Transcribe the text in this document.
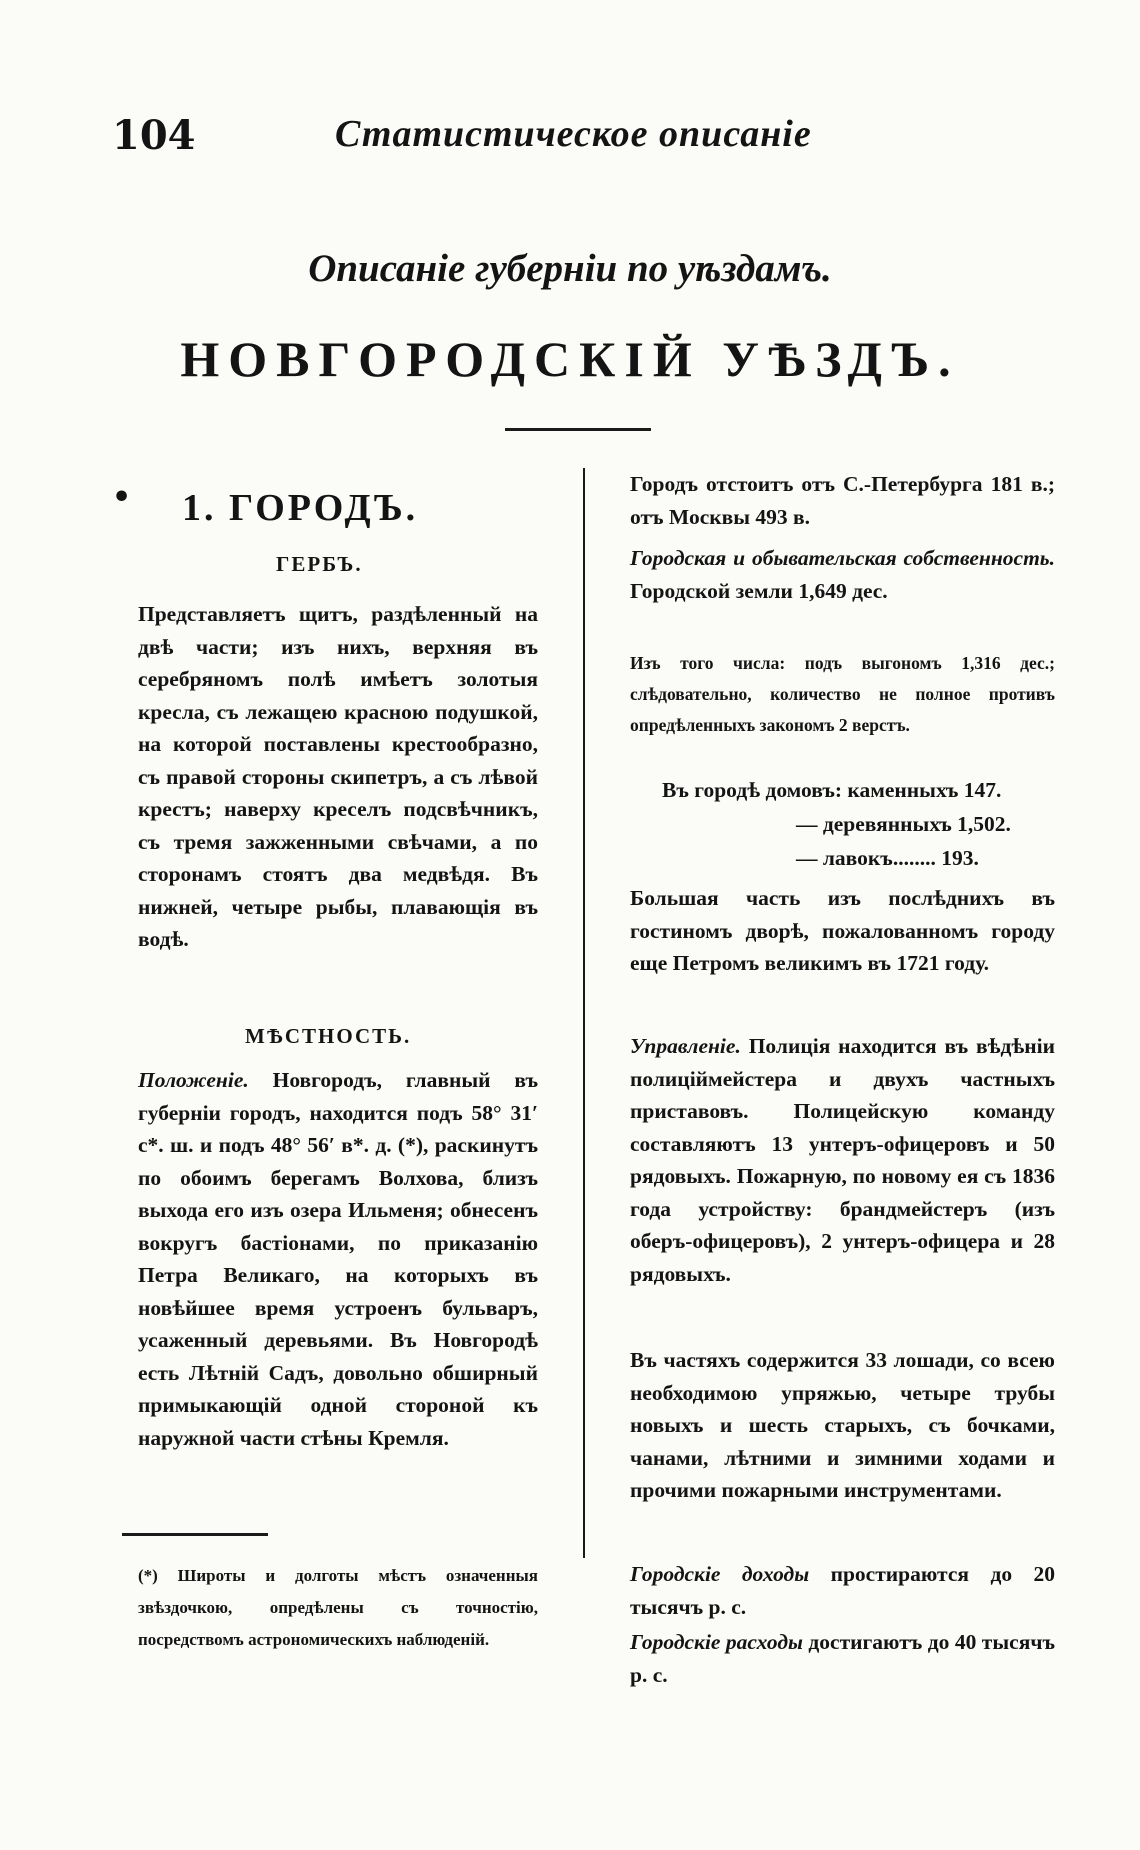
104	Статистическое описаніе
Описаніе губерніи по уѣздамъ.
НОВГОРОДСКІЙ УѢЗДЪ.
• 1. ГОРОДЪ.
ГЕРБЪ.
Представляетъ щитъ, раздѣленный на двѣ части; изъ нихъ, верхняя въ серебряномъ полѣ имѣетъ золотыя кресла, съ лежащею красною подушкой, на которой поставлены крестообразно, съ правой стороны скипетръ, а съ лѣвой крестъ; наверху креселъ подсвѣчникъ, съ тремя зажженными свѣчами, а по сторонамъ стоятъ два медвѣдя. Въ нижней, четыре рыбы, плавающія въ водѣ.
МѢСТНОСТЬ.
Положеніе. Новгородъ, главный въ губерніи городъ, находится подъ 58° 31′ с*. ш. и подъ 48° 56′ в*. д. (*), раскинутъ по обоимъ берегамъ Волхова, близъ выхода его изъ озера Ильменя; обнесенъ вокругъ бастіонами, по приказанію Петра Великаго, на которыхъ въ новѣйшее время устроенъ бульваръ, усаженный деревьями. Въ Новгородѣ есть Лѣтній Садъ, довольно обширный примыкающій одной стороной къ наружной части стѣны Кремля.
(*) Широты и долготы мѣстъ означенныя звѣздочкою, опредѣлены съ точностію, посредствомъ астрономическихъ наблюденій.
Городъ отстоитъ отъ С.-Петербурга 181 в.; отъ Москвы 493 в.
Городская и обывательская собственность. Городской земли 1,649 дес.
Изъ того числа: подъ выгономъ 1,316 дес.; слѣдовательно, количество не полное противъ опредѣленныхъ закономъ 2 верстъ.
Въ городѣ домовъ: каменныхъ 147.
— деревянныхъ 1,502.
— лавокъ........ 193.
Большая часть изъ послѣднихъ въ гостиномъ дворѣ, пожалованномъ городу еще Петромъ великимъ въ 1721 году.
Управленіе. Полиція находится въ вѣдѣніи полиціймейстера и двухъ частныхъ приставовъ. Полицейскую команду составляютъ 13 унтеръ-офицеровъ и 50 рядовыхъ. Пожарную, по новому ея съ 1836 года устройству: брандмейстеръ (изъ оберъ-офицеровъ), 2 унтеръ-офицера и 28 рядовыхъ.
Въ частяхъ содержится 33 лошади, со всею необходимою упряжью, четыре трубы новыхъ и шесть старыхъ, съ бочками, чанами, лѣтними и зимними ходами и прочими пожарными инструментами.
Городскіе доходы простираются до 20 тысячъ р. с.
Городскіе расходы достигаютъ до 40 тысячъ р. с.
